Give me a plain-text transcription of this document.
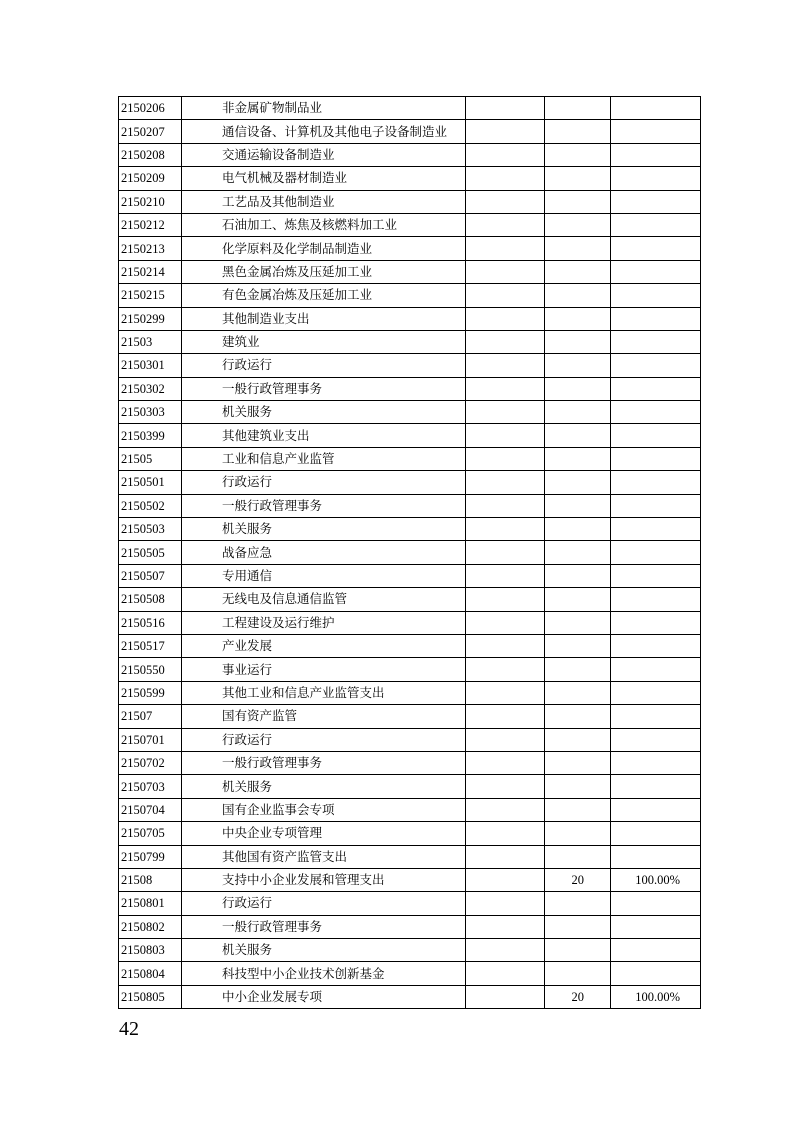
2150206	非金属矿物制品业			
2150207	通信设备、计算机及其他电子设备制造业			
2150208	交通运输设备制造业			
2150209	电气机械及器材制造业			
2150210	工艺品及其他制造业			
2150212	石油加工、炼焦及核燃料加工业			
2150213	化学原料及化学制品制造业			
2150214	黑色金属冶炼及压延加工业			
2150215	有色金属冶炼及压延加工业			
2150299	其他制造业支出			
21503	建筑业			
2150301	行政运行			
2150302	一般行政管理事务			
2150303	机关服务			
2150399	其他建筑业支出			
21505	工业和信息产业监管			
2150501	行政运行			
2150502	一般行政管理事务			
2150503	机关服务			
2150505	战备应急			
2150507	专用通信			
2150508	无线电及信息通信监管			
2150516	工程建设及运行维护			
2150517	产业发展			
2150550	事业运行			
2150599	其他工业和信息产业监管支出			
21507	国有资产监管			
2150701	行政运行			
2150702	一般行政管理事务			
2150703	机关服务			
2150704	国有企业监事会专项			
2150705	中央企业专项管理			
2150799	其他国有资产监管支出			
21508	支持中小企业发展和管理支出		20	100.00%
2150801	行政运行			
2150802	一般行政管理事务			
2150803	机关服务			
2150804	科技型中小企业技术创新基金			
2150805	中小企业发展专项		20	100.00%
42
